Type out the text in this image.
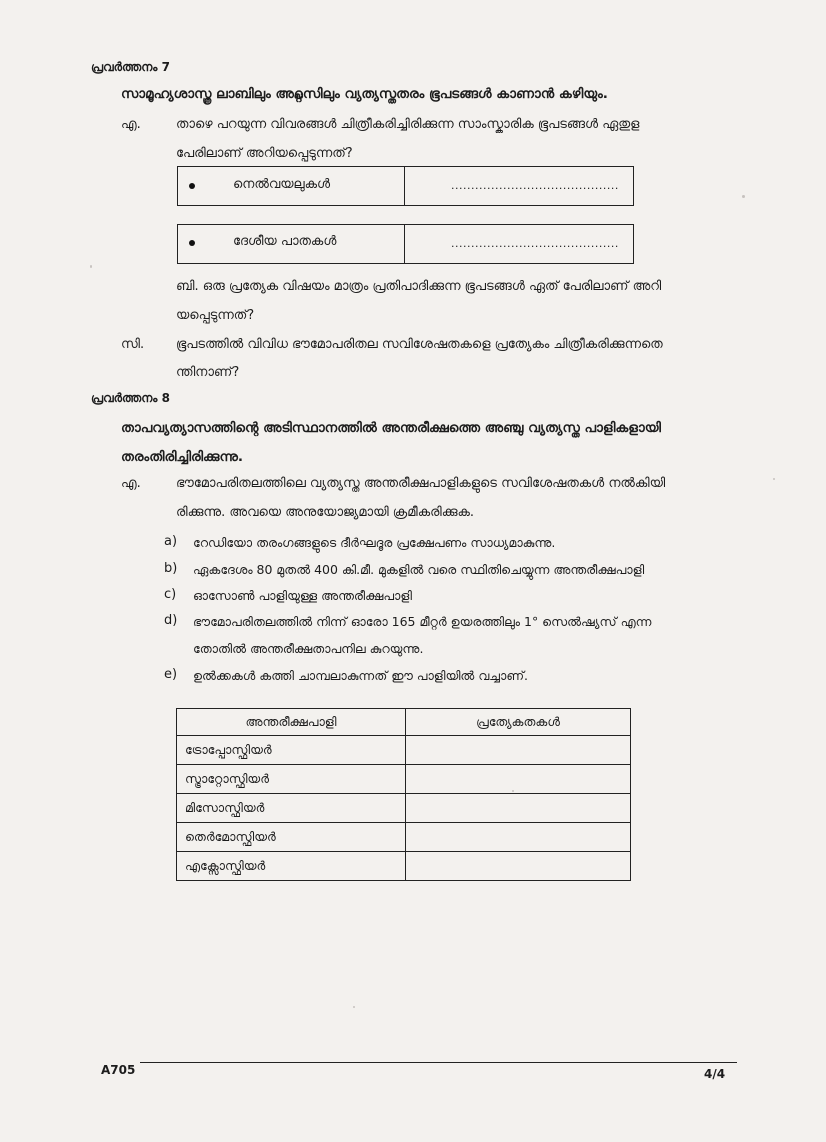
പ്രവർത്തനം 7
സാമൂഹ്യശാസ്ത്ര ലാബിലും അറ്റ്ലസിലും വ്യത്യസ്തതരം ഭൂപടങ്ങൾ കാണാൻ കഴിയും.
എ.	താഴെ പറയുന്ന വിവരങ്ങൾ ചിത്രീകരിച്ചിരിക്കുന്ന സാംസ്കാരിക ഭൂപടങ്ങൾ ഏതുള
പേരിലാണ് അറിയപ്പെടുന്നത്?
നെൽവയലുകൾ	..........................................
ദേശീയ പാതകൾ	..........................................
ബി. ഒരു പ്രത്യേക വിഷയം മാത്രം പ്രതിപാദിക്കുന്ന ഭൂപടങ്ങൾ ഏത് പേരിലാണ് അറി
യപ്പെടുന്നത്?
സി. ഭൂപടത്തിൽ വിവിധ ഭൗമോപരിതല സവിശേഷതകളെ പ്രത്യേകം ചിത്രീകരിക്കുന്നതെ
ന്തിനാണ്?
പ്രവർത്തനം 8
താപവ്യത്യാസത്തിന്റെ അടിസ്ഥാനത്തിൽ അന്തരീക്ഷത്തെ അഞ്ചു വ്യത്യസ്ത പാളികളായി
തരംതിരിച്ചിരിക്കുന്നു.
എ.	ഭൗമോപരിതലത്തിലെ വ്യത്യസ്ത അന്തരീക്ഷപാളികളുടെ സവിശേഷതകൾ നൽകിയി
രിക്കുന്നു. അവയെ അനുയോജ്യമായി ക്രമീകരിക്കുക.
a) റേഡിയോ തരംഗങ്ങളുടെ ദീർഘദൂര പ്രക്ഷേപണം സാധ്യമാകുന്നു.
b) ഏകദേശം 80 മുതൽ 400 കി.മീ. മുകളിൽ വരെ സ്ഥിതിചെയ്യുന്ന അന്തരീക്ഷപാളി
c) ഓസോൺ പാളിയുള്ള അന്തരീക്ഷപാളി
d) ഭൗമോപരിതലത്തിൽ നിന്ന് ഓരോ 165 മീറ്റർ ഉയരത്തിലും 1° സെൽഷ്യസ് എന്ന
തോതിൽ അന്തരീക്ഷതാപനില കുറയുന്നു.
e) ഉൽക്കകൾ കത്തി ചാമ്പലാകുന്നത് ഈ പാളിയിൽ വച്ചാണ്.
അന്തരീക്ഷപാളി	പ്രത്യേകതകൾ
ട്രോപ്പോസ്ഫിയർ	
സ്ട്രാറ്റോസ്ഫിയർ	
മിസോസ്ഫിയർ	
തെർമോസ്ഫിയർ	
എക്സോസ്ഫിയർ	
A705	4/4
